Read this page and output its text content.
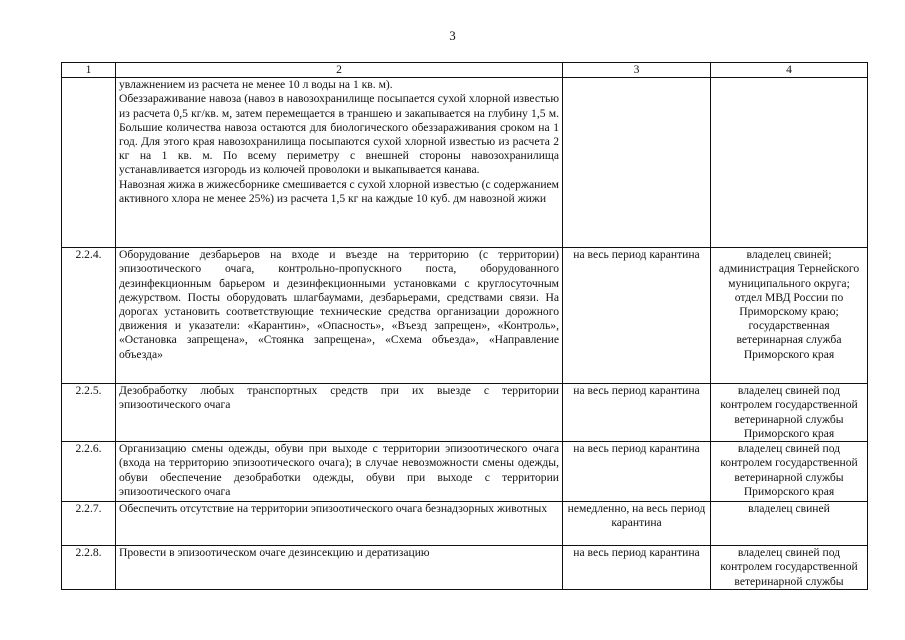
3
1	2	3	4

	увлажнением из расчета не менее 10 л воды на 1 кв. м).

Обеззараживание навоза (навоз в навозохранилище посыпается сухой хлорной известью из расчета 0,5 кг/кв. м, затем перемещается в траншею и закапывается на глубину 1,5 м. Большие количества навоза остаются для биологического обеззараживания сроком на 1 год. Для этого края навозохранилища посыпаются сухой хлорной известью из расчета 2 кг на 1 кв. м. По всему периметру с внешней стороны навозохранилища устанавливается изгородь из колючей проволоки и выкапывается канава.

Навозная жижа в жижесборнике смешивается с сухой хлорной известью (с содержанием активного хлора не менее 25%) из расчета 1,5 кг на каждые 10 куб. дм навозной жижи		

2.2.4.	Оборудование дезбарьеров на входе и въезде на территорию (с территории) эпизоотического очага, контрольно-пропускного поста, оборудованного дезинфекционным барьером и дезинфекционными установками с круглосуточным дежурством. Посты оборудовать шлагбаумами, дезбарьерами, средствами связи. На дорогах установить соответствующие технические средства организации дорожного движения и указатели: «Карантин», «Опасность», «Въезд запрещен», «Контроль», «Остановка запрещена», «Стоянка запрещена», «Схема объезда», «Направление объезда»	на весь период карантина	владелец свиней; администрация Тернейского муниципального округа; отдел МВД России по Приморскому краю; государственная ветеринарная служба Приморского края
2.2.5.	Дезобработку любых транспортных средств при их выезде с территории эпизоотического очага	на весь период карантина	владелец свиней под контролем государственной ветеринарной службы Приморского края
2.2.6.	Организацию смены одежды, обуви при выходе с территории эпизоотического очага (входа на территорию эпизоотического очага); в случае невозможности смены одежды, обуви обеспечение дезобработки одежды, обуви при выходе с территории эпизоотического очага	на весь период карантина	владелец свиней под контролем государственной ветеринарной службы Приморского края
2.2.7.	Обеспечить отсутствие на территории эпизоотического очага безнадзорных животных	немедленно, на весь период карантина	владелец свиней
2.2.8.	Провести в эпизоотическом очаге дезинсекцию и дератизацию	на весь период карантина	владелец свиней под контролем государственной ветеринарной службы
